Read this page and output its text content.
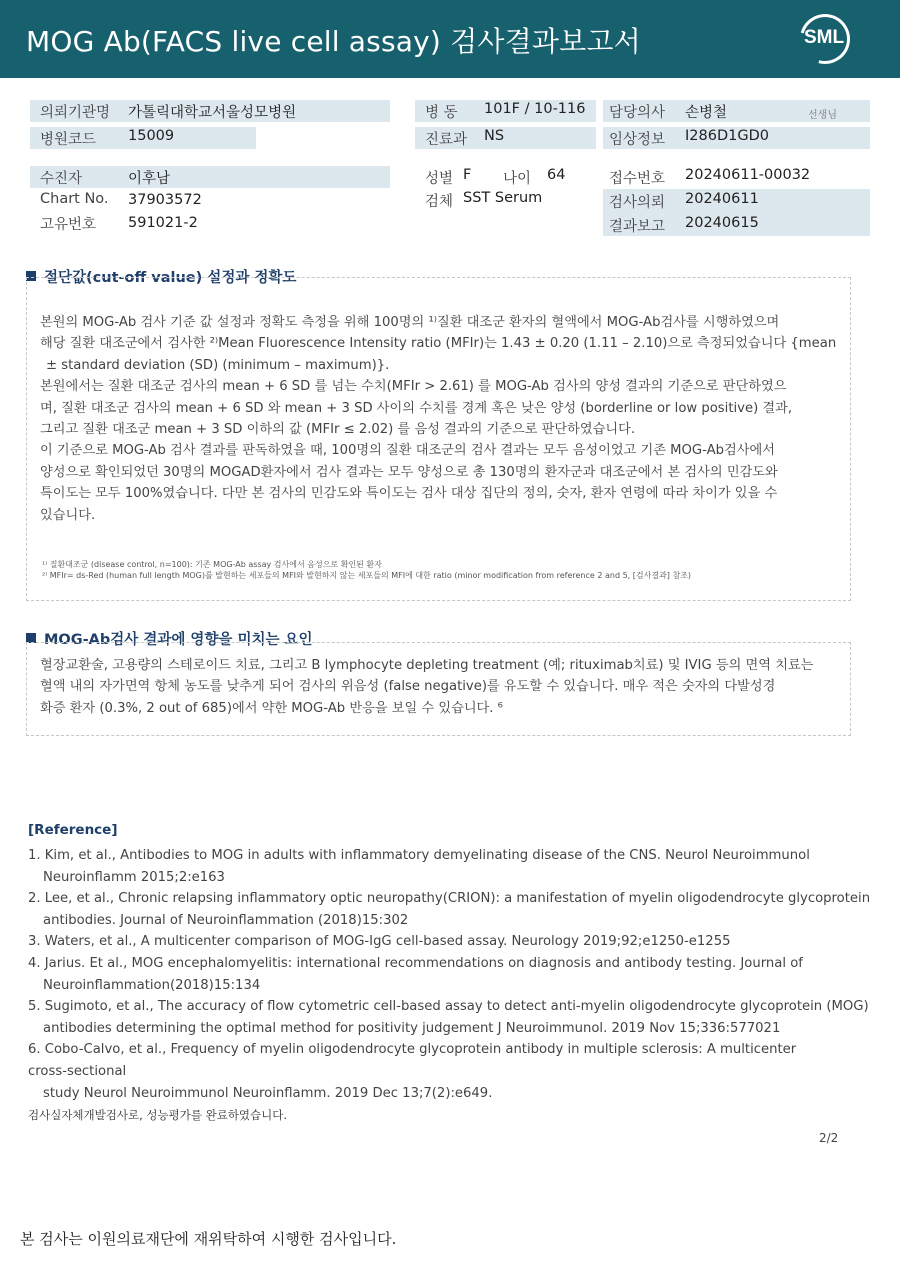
MOG Ab(FACS live cell assay) 검사결과보고서	SML
의뢰기관명 가톨릭대학교서울성모병원
병원코드 15009
병 동 101F / 10-116
진료과 NS
담당의사 손병철	선생님
임상정보 I286D1GD0
수진자	이후남
Chart No. 37903572
고유번호 591021-2
성별 F 나이 64
검체 SST Serum
접수번호 20240611-00032
검사의뢰 20240611
결과보고 20240615
절단값(cut-off value) 설정과 정확도

본원의 MOG-Ab 검사 기준 값 설정과 정확도 측정을 위해 100명의 ¹⁾질환 대조군 환자의 혈액에서 MOG-Ab검사를 시행하였으며

해당 질환 대조군에서 검사한 ²⁾Mean Fluorescence Intensity ratio (MFIr)는 1.43 ± 0.20 (1.11 – 2.10)으로 측정되었습니다 {mean

± standard deviation (SD) (minimum – maximum)}.

본원에서는 질환 대조군 검사의 mean + 6 SD 를 넘는 수치(MFIr > 2.61) 를 MOG-Ab 검사의 양성 결과의 기준으로 판단하였으

며, 질환 대조군 검사의 mean + 6 SD 와 mean + 3 SD 사이의 수치를 경계 혹은 낮은 양성 (borderline or low positive) 결과,

그리고 질환 대조군 mean + 3 SD 이하의 값 (MFIr ≤ 2.02) 를 음성 결과의 기준으로 판단하였습니다.

이 기준으로 MOG-Ab 검사 결과를 판독하였을 때, 100명의 질환 대조군의 검사 결과는 모두 음성이었고 기존 MOG-Ab검사에서

양성으로 확인되었던 30명의 MOGAD환자에서 검사 결과는 모두 양성으로 총 130명의 환자군과 대조군에서 본 검사의 민감도와

특이도는 모두 100%였습니다. 다만 본 검사의 민감도와 특이도는 검사 대상 집단의 정의, 숫자, 환자 연령에 따라 차이가 있을 수

있습니다.

¹⁾ 질환대조군 (disease control, n=100): 기존 MOG-Ab assay 검사에서 음성으로 확인된 환자

²⁾ MFIr= ds-Red (human full length MOG)를 발현하는 세포들의 MFI와 발현하지 않는 세포들의 MFI에 대한 ratio (minor modification from reference 2 and 5, [검사결과] 참조)

MOG-Ab검사 결과에 영향을 미치는 요인

혈장교환술, 고용량의 스테로이드 치료, 그리고 B lymphocyte depleting treatment (예; rituximab치료) 및 IVIG 등의 면역 치료는

혈액 내의 자가면역 항체 농도를 낮추게 되어 검사의 위음성 (false negative)를 유도할 수 있습니다. 매우 적은 숫자의 다발성경

화증 환자 (0.3%, 2 out of 685)에서 약한 MOG-Ab 반응을 보일 수 있습니다. ⁶

[Reference]

1. Kim, et al., Antibodies to MOG in adults with inflammatory demyelinating disease of the CNS. Neurol Neuroimmunol

Neuroinflamm 2015;2:e163

2. Lee, et al., Chronic relapsing inflammatory optic neuropathy(CRION): a manifestation of myelin oligodendrocyte glycoprotein

antibodies. Journal of Neuroinflammation (2018)15:302

3. Waters, et al., A multicenter comparison of MOG-IgG cell-based assay. Neurology 2019;92;e1250-e1255

4. Jarius. Et al., MOG encephalomyelitis: international recommendations on diagnosis and antibody testing. Journal of

Neuroinflammation(2018)15:134

5. Sugimoto, et al., The accuracy of flow cytometric cell-based assay to detect anti-myelin oligodendrocyte glycoprotein (MOG)

antibodies determining the optimal method for positivity judgement J Neuroimmunol. 2019 Nov 15;336:577021

6. Cobo-Calvo, et al., Frequency of myelin oligodendrocyte glycoprotein antibody in multiple sclerosis: A multicenter

cross-sectional

study Neurol Neuroimmunol Neuroinflamm. 2019 Dec 13;7(2):e649.

검사실자체개발검사로, 성능평가를 완료하였습니다.
2/2
본 검사는 이원의료재단에 재위탁하여 시행한 검사입니다.
